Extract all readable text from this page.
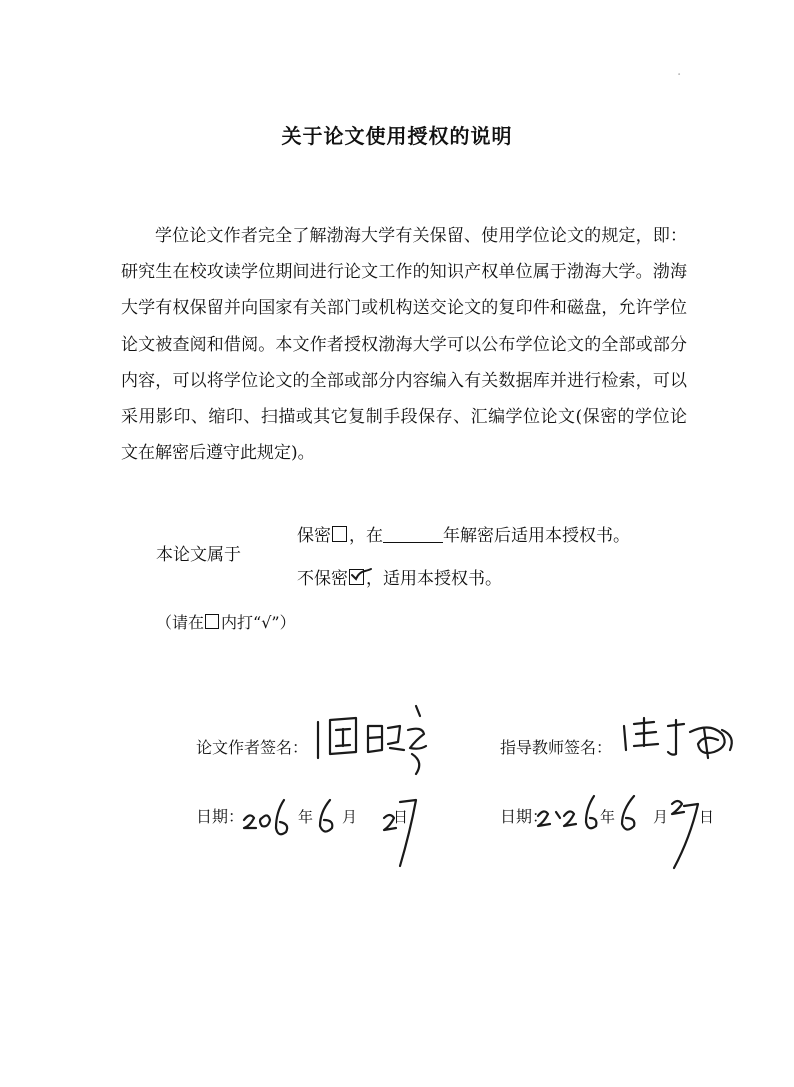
ﾟ
关于论文使用授权的说明

学位论文作者完全了解渤海大学有关保留、使用学位论文的规定，即：研究生在校攻读学位期间进行论文工作的知识产权单位属于渤海大学。渤海大学有权保留并向国家有关部门或机构送交论文的复印件和磁盘，允许学位论文被查阅和借阅。本文作者授权渤海大学可以公布学位论文的全部或部分内容，可以将学位论文的全部或部分内容编入有关数据库并进行检索，可以采用影印、缩印、扫描或其它复制手段保存、汇编学位论文(保密的学位论文在解密后遵守此规定)。

本论文属于
保密 ，在	年解密后适用本授权书。
不保密 ，适用本授权书。
（请在 内打“√”）
论文作者签名：	指导教师签名：
日期：	年 月 日	日期：	年	月 日
